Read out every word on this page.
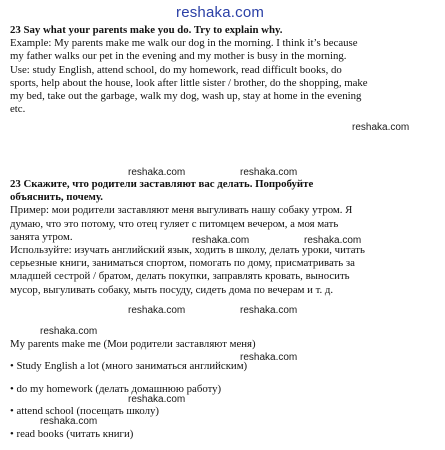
reshaka.com
23 Say what your parents make you do. Try to explain why.
Example: My parents make me walk our dog in the morning. I think it’s because
my father walks our pet in the evening and my mother is busy in the morning.
Use: study English, attend school, do my homework, read difficult books, do
sports, help about the house, look after little sister / brother, do the shopping, make
my bed, take out the garbage, walk my dog, wash up, stay at home in the evening
etc.
reshaka.com
reshaka.com	reshaka.com
23 Скажите, что родители заставляют вас делать. Попробуйте
объяснить, почему.
Пример: мои родители заставляют меня выгуливать нашу собаку утром. Я
думаю, что это потому, что отец гуляет с питомцем вечером, а моя мать
занята утром.
Используйте: изучать английский язык, ходить в школу, делать уроки, читать
серьезные книги, заниматься спортом, помогать по дому, присматривать за
младшей сестрой / братом, делать покупки, заправлять кровать, выносить
мусор, выгуливать собаку, мыть посуду, сидеть дома по вечерам и т. д.
reshaka.com	reshaka.com
reshaka.com	reshaka.com
reshaka.com
My parents make me (Мои родители заставляют меня)
reshaka.com
• Study English a lot (много заниматься английским)
• do my homework (делать домашнюю работу)
reshaka.com
• attend school (посещать школу)
reshaka.com
• read books (читать книги)
